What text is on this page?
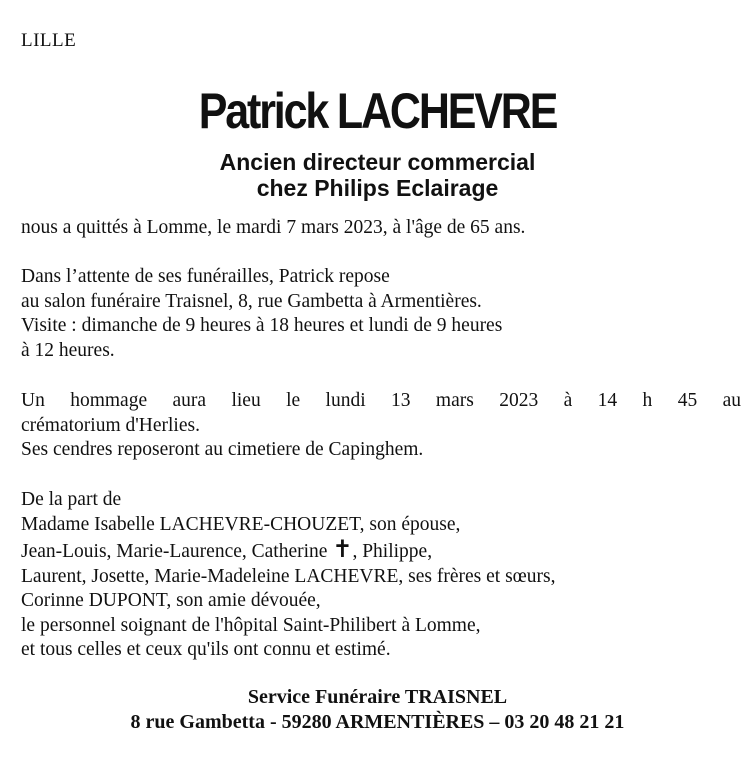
LILLE
Patrick LACHEVRE
Ancien directeur commercial
chez Philips Eclairage

nous a quittés à Lomme, le mardi 7 mars 2023, à l'âge de 65 ans.

Dans l’attente de ses funérailles, Patrick repose

au salon funéraire Traisnel, 8, rue Gambetta à Armentières.

Visite : dimanche de 9 heures à 18 heures et lundi de 9 heures

à 12 heures.

Un hommage aura lieu le lundi 13 mars 2023 à 14 h 45 au

crématorium d'Herlies.

Ses cendres reposeront au cimetiere de Capinghem.

De la part de

Madame Isabelle LACHEVRE-CHOUZET, son épouse,

Jean-Louis, Marie-Laurence, Catherine ✝, Philippe,

Laurent, Josette, Marie-Madeleine LACHEVRE, ses frères et sœurs,

Corinne DUPONT, son amie dévouée,

le personnel soignant de l'hôpital Saint-Philibert à Lomme,

et tous celles et ceux qu'ils ont connu et estimé.

Service Funéraire TRAISNEL
8 rue Gambetta - 59280 ARMENTIÈRES – 03 20 48 21 21
